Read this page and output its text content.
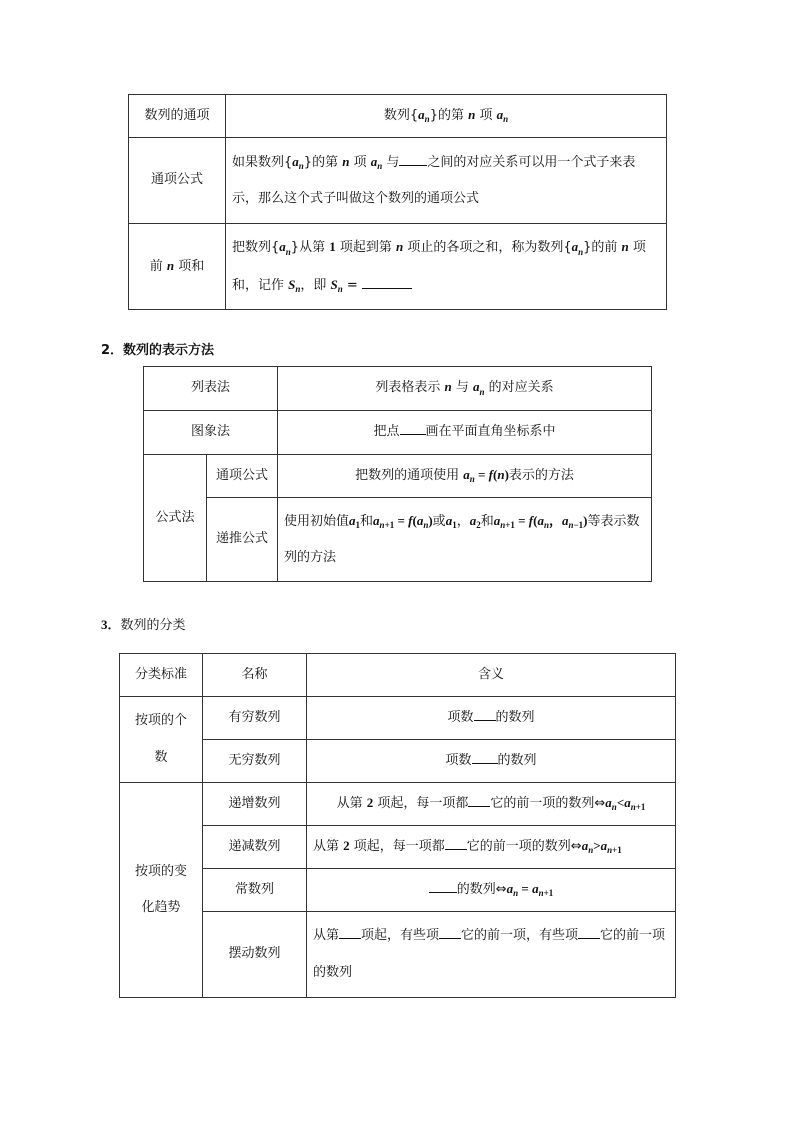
数列的通项	数列$\{a_n\}$的第 n 项 $a_n$
通项公式	如果数列$\{a_n\}$的第 n 项 $a_n$ 与 之间的对应关系可以用一个式子来表示，那么这个式子叫做这个数列的通项公式
前 n 项和	把数列$\{a_n\}$从第 1 项起到第 n 项止的各项之和，称为数列$\{a_n\}$的前 n 项和，记作 $S_n$，即 $S_n$ =
2．数列的表示方法
列表法		列表格表示 n 与 $a_n$ 的对应关系
图象法		把点 画在平面直角坐标系中
公式法	通项公式	把数列的通项使用 $a_n = f(n)$表示的方法
	递推公式	使用初始值$a_1$和$a_{n+1} = f(a_n)$或$a_1$，$a_2$和$a_{n+1} = f(a_n$，$a_{n-1}$)等表示数列的方法
3．数列的分类
分类标准	名称	含义
按项的个数	有穷数列	项数 的数列
	无穷数列	项数 的数列
按项的变化趋势	递增数列	从第 2 项起，每一项都 它的前一项的数列$\Leftrightarrow a_n<a_{n+1}$
	递减数列	从第 2 项起，每一项都 它的前一项的数列$\Leftrightarrow a_n>a_{n+1}$
	常数列	的数列$\Leftrightarrow a_n = a_{n+1}$
	摆动数列	从第 项起，有些项 它的前一项，有些项 它的前一项的数列
